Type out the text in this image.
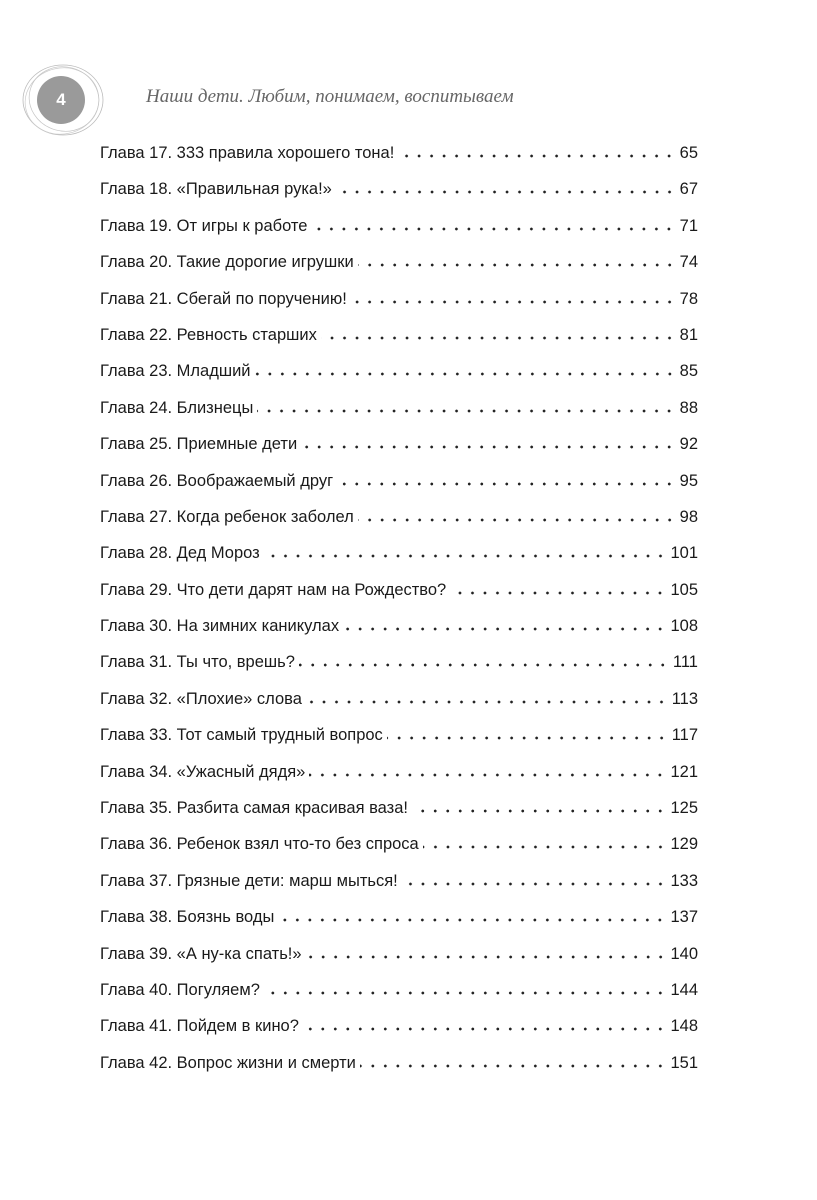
4	Наши дети. Любим, понимаем, воспитываем
Глава 17. 333 правила хорошего тона!	65
Глава 18. «Правильная рука!»	67
Глава 19. От игры к работе	71
Глава 20. Такие дорогие игрушки	74
Глава 21. Сбегай по поручению!	78
Глава 22. Ревность старших	81
Глава 23. Младший	85
Глава 24. Близнецы	88
Глава 25. Приемные дети	92
Глава 26. Воображаемый друг	95
Глава 27. Когда ребенок заболел	98
Глава 28. Дед Мороз	101
Глава 29. Что дети дарят нам на Рождество?	105
Глава 30. На зимних каникулах	108
Глава 31. Ты что, врешь?	111
Глава 32. «Плохие» слова	113
Глава 33. Тот самый трудный вопрос	117
Глава 34. «Ужасный дядя»	121
Глава 35. Разбита самая красивая ваза!	125
Глава 36. Ребенок взял что-то без спроса	129
Глава 37. Грязные дети: марш мыться!	133
Глава 38. Боязнь воды	137
Глава 39. «А ну-ка спать!»	140
Глава 40. Погуляем?	144
Глава 41. Пойдем в кино?	148
Глава 42. Вопрос жизни и смерти	151
